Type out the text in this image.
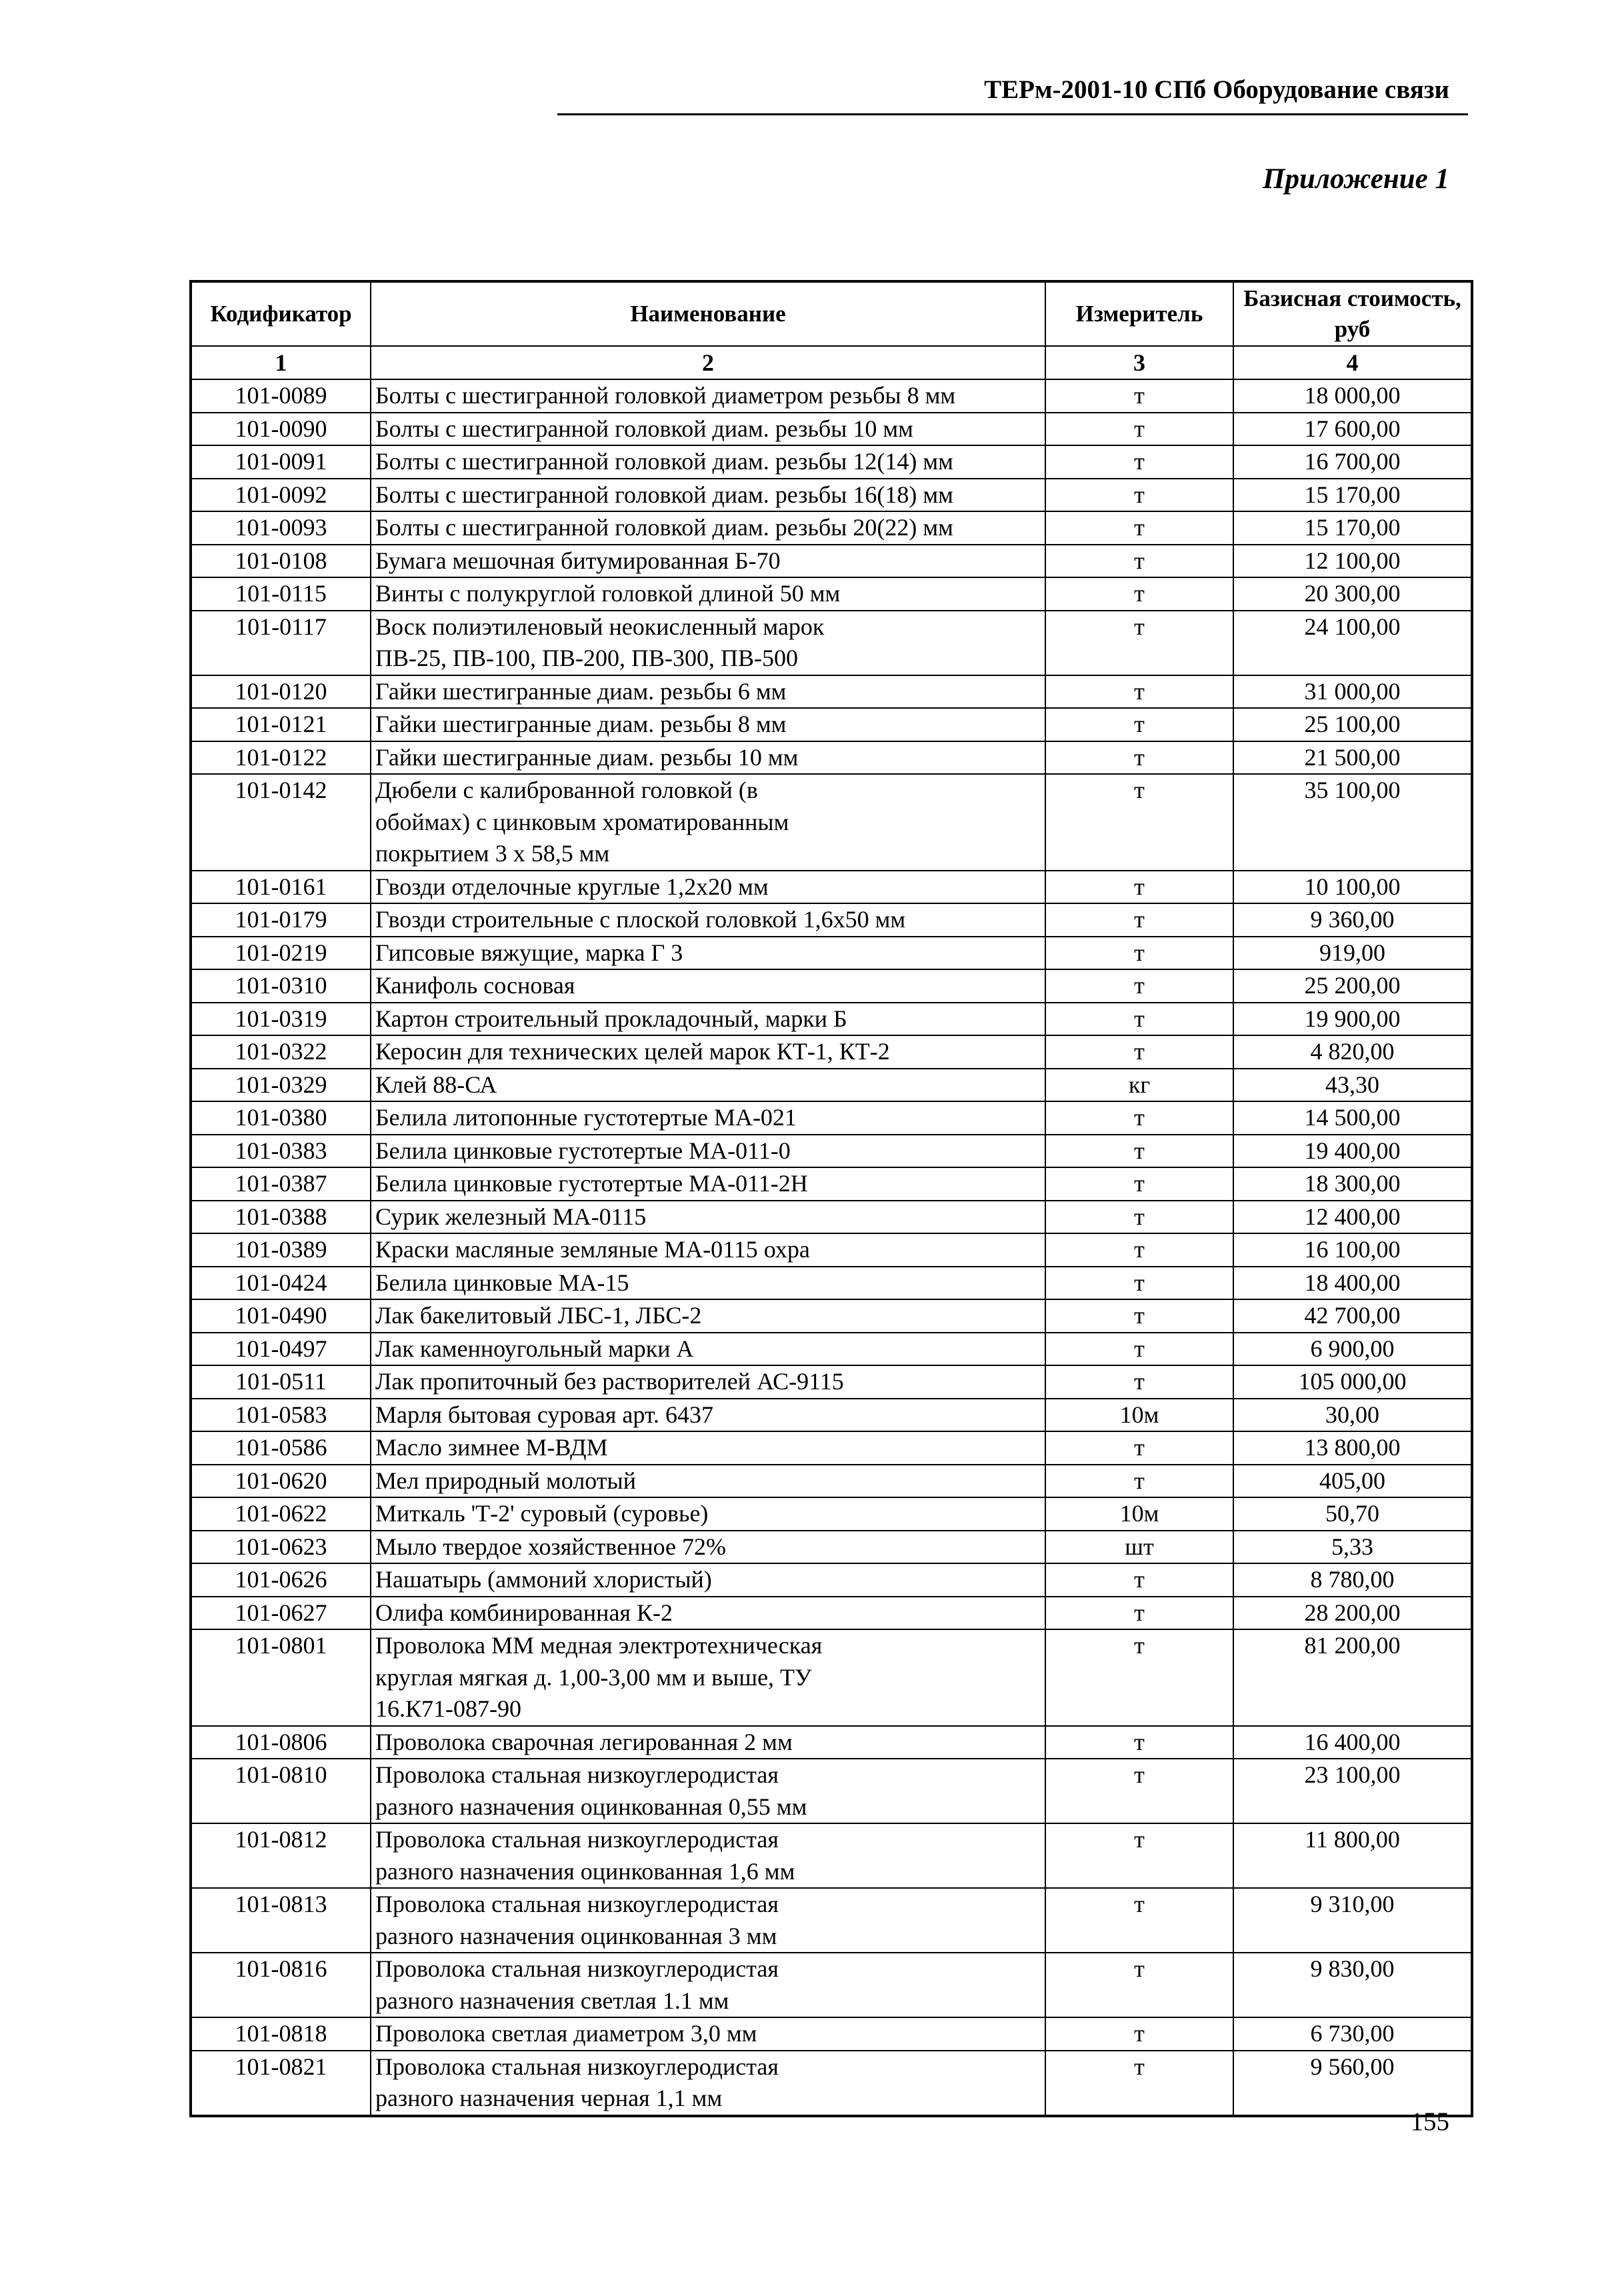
ТЕРм-2001-10 СПб Оборудование связи
Приложение 1
Кодификатор	Наименование	Измеритель	Базисная стоимость, руб
1	2	3	4
101-0089	Болты с шестигранной головкой диаметром резьбы 8 мм	т	18 000,00
101-0090	Болты с шестигранной головкой диам. резьбы 10 мм	т	17 600,00
101-0091	Болты с шестигранной головкой диам. резьбы 12(14) мм	т	16 700,00
101-0092	Болты с шестигранной головкой диам. резьбы 16(18) мм	т	15 170,00
101-0093	Болты с шестигранной головкой диам. резьбы 20(22) мм	т	15 170,00
101-0108	Бумага мешочная битумированная Б-70	т	12 100,00
101-0115	Винты с полукруглой головкой длиной 50 мм	т	20 300,00
101-0117	Воск полиэтиленовый неокисленный марок
ПВ-25, ПВ-100, ПВ-200, ПВ-300, ПВ-500	т	24 100,00
101-0120	Гайки шестигранные диам. резьбы 6 мм	т	31 000,00
101-0121	Гайки шестигранные диам. резьбы 8 мм	т	25 100,00
101-0122	Гайки шестигранные диам. резьбы 10 мм	т	21 500,00
101-0142	Дюбели с калиброванной головкой (в
обоймах) с цинковым хроматированным
покрытием 3 х 58,5 мм	т	35 100,00
101-0161	Гвозди отделочные круглые 1,2х20 мм	т	10 100,00
101-0179	Гвозди строительные с плоской головкой 1,6х50 мм	т	9 360,00
101-0219	Гипсовые вяжущие, марка Г 3	т	919,00
101-0310	Канифоль сосновая	т	25 200,00
101-0319	Картон строительный прокладочный, марки Б	т	19 900,00
101-0322	Керосин для технических целей марок КТ-1, КТ-2	т	4 820,00
101-0329	Клей 88-СА	кг	43,30
101-0380	Белила литопонные густотертые МА-021	т	14 500,00
101-0383	Белила цинковые густотертые МА-011-0	т	19 400,00
101-0387	Белила цинковые густотертые МА-011-2Н	т	18 300,00
101-0388	Сурик железный МА-0115	т	12 400,00
101-0389	Краски масляные земляные МА-0115 охра	т	16 100,00
101-0424	Белила цинковые МА-15	т	18 400,00
101-0490	Лак бакелитовый ЛБС-1, ЛБС-2	т	42 700,00
101-0497	Лак каменноугольный марки А	т	6 900,00
101-0511	Лак пропиточный без растворителей АС-9115	т	105 000,00
101-0583	Марля бытовая суровая арт. 6437	10м	30,00
101-0586	Масло зимнее М-ВДМ	т	13 800,00
101-0620	Мел природный молотый	т	405,00
101-0622	Миткаль 'Т-2' суровый (суровье)	10м	50,70
101-0623	Мыло твердое хозяйственное 72%	шт	5,33
101-0626	Нашатырь (аммоний хлористый)	т	8 780,00
101-0627	Олифа комбинированная К-2	т	28 200,00
101-0801	Проволока ММ медная электротехническая
круглая мягкая д. 1,00-3,00 мм и выше, ТУ
16.К71-087-90	т	81 200,00
101-0806	Проволока сварочная легированная 2 мм	т	16 400,00
101-0810	Проволока стальная низкоуглеродистая
разного назначения оцинкованная 0,55 мм	т	23 100,00
101-0812	Проволока стальная низкоуглеродистая
разного назначения оцинкованная 1,6 мм	т	11 800,00
101-0813	Проволока стальная низкоуглеродистая
разного назначения оцинкованная 3 мм	т	9 310,00
101-0816	Проволока стальная низкоуглеродистая
разного назначения светлая 1.1 мм	т	9 830,00
101-0818	Проволока светлая диаметром 3,0 мм	т	6 730,00
101-0821	Проволока стальная низкоуглеродистая
разного назначения черная 1,1 мм	т	9 560,00
155
